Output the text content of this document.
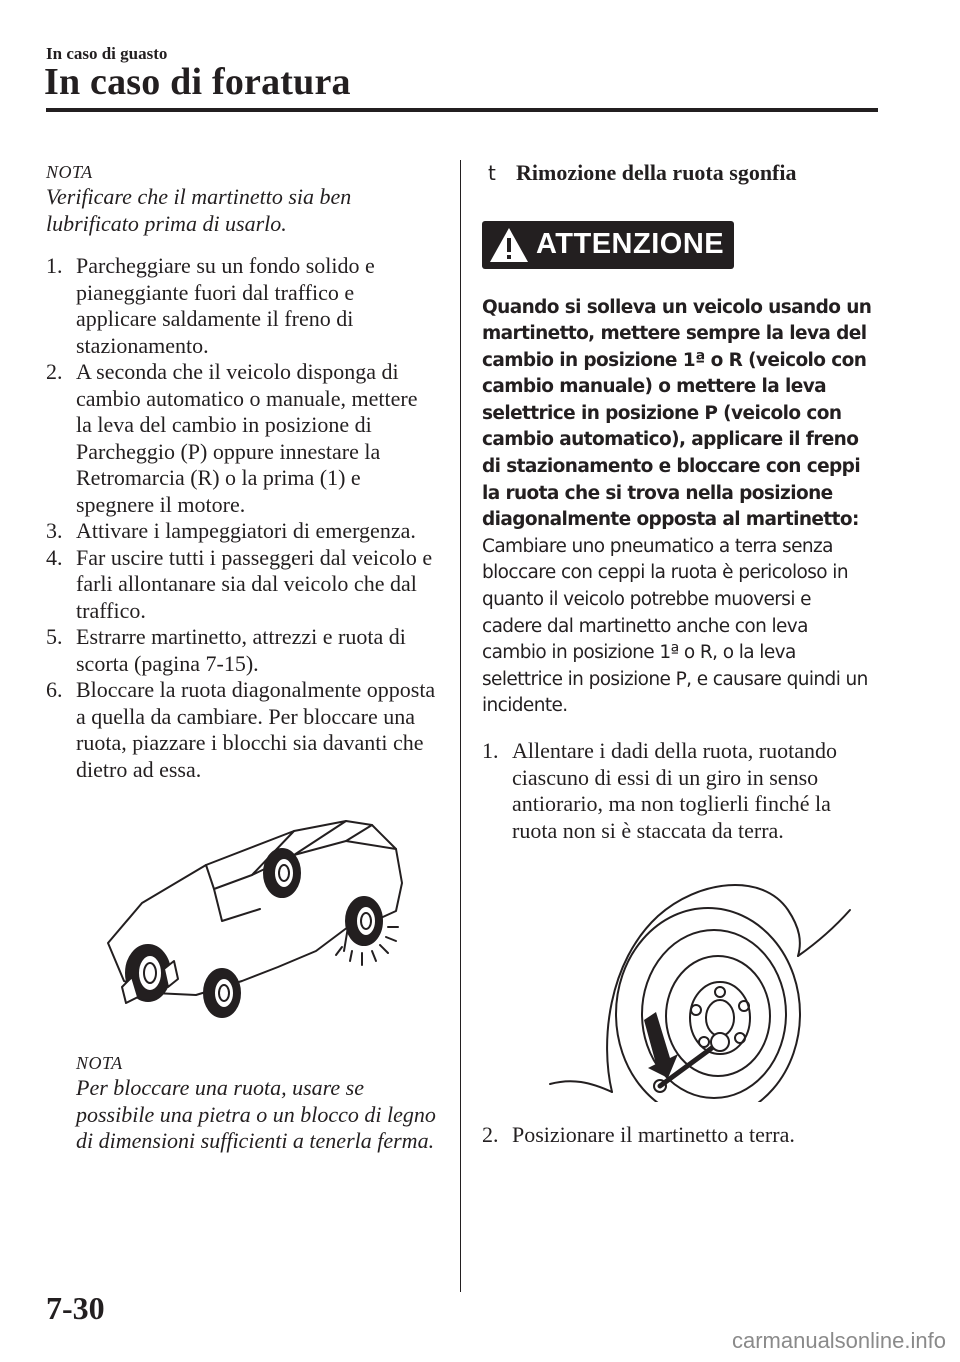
In caso di guasto
In caso di foratura
NOTA
Verificare che il martinetto sia ben lubrificato prima di usarlo.
1. Parcheggiare su un fondo solido e pianeggiante fuori dal traffico e applicare saldamente il freno di stazionamento.
2. A seconda che il veicolo disponga di cambio automatico o manuale, mettere la leva del cambio in posizione di Parcheggio (P) oppure innestare la Retromarcia (R) o la prima (1) e spegnere il motore.
3. Attivare i lampeggiatori di emergenza.
4. Far uscire tutti i passeggeri dal veicolo e farli allontanare sia dal veicolo che dal traffico.
5. Estrarre martinetto, attrezzi e ruota di scorta (pagina 7-15).
6. Bloccare la ruota diagonalmente opposta a quella da cambiare. Per bloccare una ruota, piazzare i blocchi sia davanti che dietro ad essa.
NOTA
Per bloccare una ruota, usare se possibile una pietra o un blocco di legno di dimensioni sufficienti a tenerla ferma.
t Rimozione della ruota sgonfia
ATTENZIONE
Quando si solleva un veicolo usando un martinetto, mettere sempre la leva del cambio in posizione 1ª o R (veicolo con cambio manuale) o mettere la leva selettrice in posizione P (veicolo con cambio automatico), applicare il freno di stazionamento e bloccare con ceppi la ruota che si trova nella posizione diagonalmente opposta al martinetto: Cambiare uno pneumatico a terra senza bloccare con ceppi la ruota è pericoloso in quanto il veicolo potrebbe muoversi e cadere dal martinetto anche con leva cambio in posizione 1ª o R, o la leva selettrice in posizione P, e causare quindi un incidente.
1. Allentare i dadi della ruota, ruotando ciascuno di essi di un giro in senso antiorario, ma non toglierli finché la ruota non si è staccata da terra.
2. Posizionare il martinetto a terra.
7-30
carmanualsonline.info
